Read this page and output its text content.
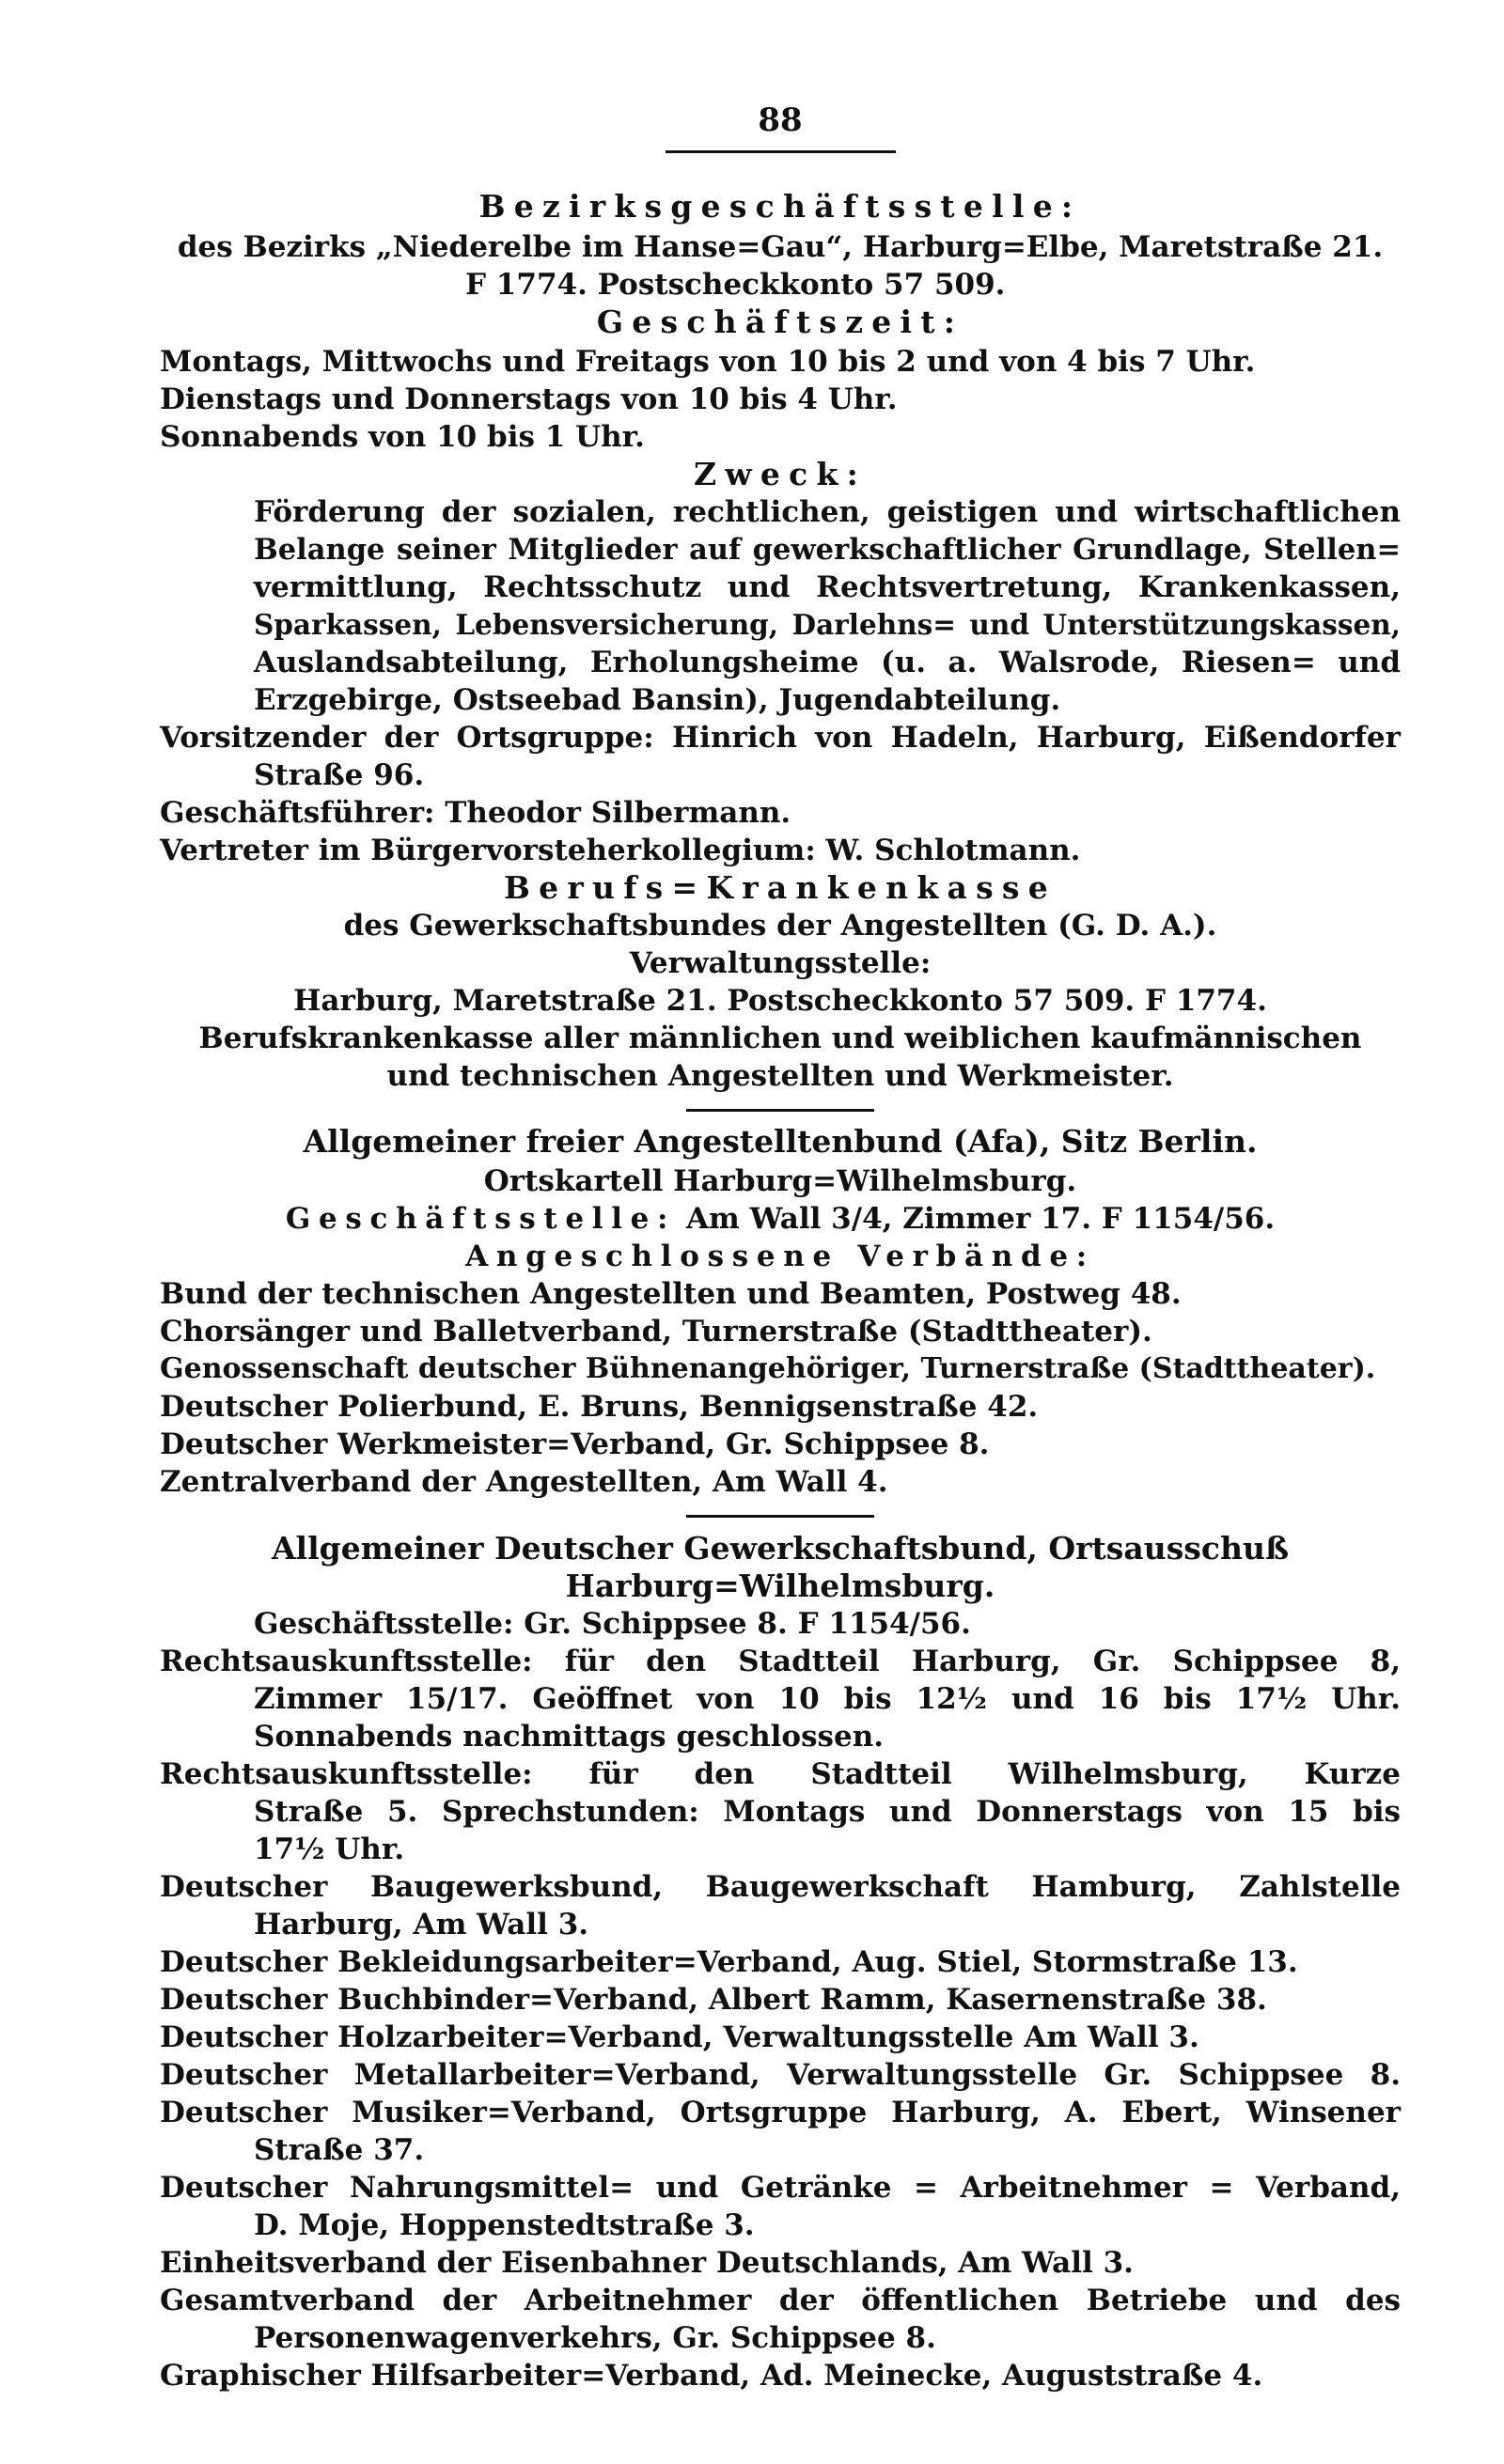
88
Bezirksgeschäftsstelle:
des Bezirks „Niederelbe im Hanse=Gau“, Harburg=Elbe, Maretstraße 21.
F 1774. Postscheckkonto 57 509.
Geschäftszeit:
Montags, Mittwochs und Freitags von 10 bis 2 und von 4 bis 7 Uhr.
Dienstags und Donnerstags von 10 bis 4 Uhr.
Sonnabends von 10 bis 1 Uhr.
Zweck:
Förderung der sozialen, rechtlichen, geistigen und wirtschaftlichen
Belange seiner Mitglieder auf gewerkschaftlicher Grundlage, Stellen=
vermittlung, Rechtsschutz und Rechtsvertretung, Krankenkassen,
Sparkassen, Lebensversicherung, Darlehns= und Unterstützungskassen,
Auslandsabteilung, Erholungsheime (u. a. Walsrode, Riesen= und
Erzgebirge, Ostseebad Bansin), Jugendabteilung.
Vorsitzender der Ortsgruppe: Hinrich von Hadeln, Harburg, Eißendorfer
Straße 96.
Geschäftsführer: Theodor Silbermann.
Vertreter im Bürgervorsteherkollegium: W. Schlotmann.
Berufs=Krankenkasse
des Gewerkschaftsbundes der Angestellten (G. D. A.).
Verwaltungsstelle:
Harburg, Maretstraße 21. Postscheckkonto 57 509. F 1774.
Berufskrankenkasse aller männlichen und weiblichen kaufmännischen
und technischen Angestellten und Werkmeister.
Allgemeiner freier Angestelltenbund (Afa), Sitz Berlin.
Ortskartell Harburg=Wilhelmsburg.
Geschäftsstelle: Am Wall 3/4, Zimmer 17. F 1154/56.
Angeschlossene Verbände:
Bund der technischen Angestellten und Beamten, Postweg 48.
Chorsänger und Balletverband, Turnerstraße (Stadttheater).
Genossenschaft deutscher Bühnenangehöriger, Turnerstraße (Stadttheater).
Deutscher Polierbund, E. Bruns, Bennigsenstraße 42.
Deutscher Werkmeister=Verband, Gr. Schippsee 8.
Zentralverband der Angestellten, Am Wall 4.
Allgemeiner Deutscher Gewerkschaftsbund, Ortsausschuß
Harburg=Wilhelmsburg.
Geschäftsstelle: Gr. Schippsee 8. F 1154/56.
Rechtsauskunftsstelle: für den Stadtteil Harburg, Gr. Schippsee 8,
Zimmer 15/17. Geöffnet von 10 bis 12½ und 16 bis 17½ Uhr.
Sonnabends nachmittags geschlossen.
Rechtsauskunftsstelle: für den Stadtteil Wilhelmsburg, Kurze
Straße 5. Sprechstunden: Montags und Donnerstags von 15 bis
17½ Uhr.
Deutscher Baugewerksbund, Baugewerkschaft Hamburg, Zahlstelle
Harburg, Am Wall 3.
Deutscher Bekleidungsarbeiter=Verband, Aug. Stiel, Stormstraße 13.
Deutscher Buchbinder=Verband, Albert Ramm, Kasernenstraße 38.
Deutscher Holzarbeiter=Verband, Verwaltungsstelle Am Wall 3.
Deutscher Metallarbeiter=Verband, Verwaltungsstelle Gr. Schippsee 8.
Deutscher Musiker=Verband, Ortsgruppe Harburg, A. Ebert, Winsener
Straße 37.
Deutscher Nahrungsmittel= und Getränke = Arbeitnehmer = Verband,
D. Moje, Hoppenstedtstraße 3.
Einheitsverband der Eisenbahner Deutschlands, Am Wall 3.
Gesamtverband der Arbeitnehmer der öffentlichen Betriebe und des
Personenwagenverkehrs, Gr. Schippsee 8.
Graphischer Hilfsarbeiter=Verband, Ad. Meinecke, Auguststraße 4.
